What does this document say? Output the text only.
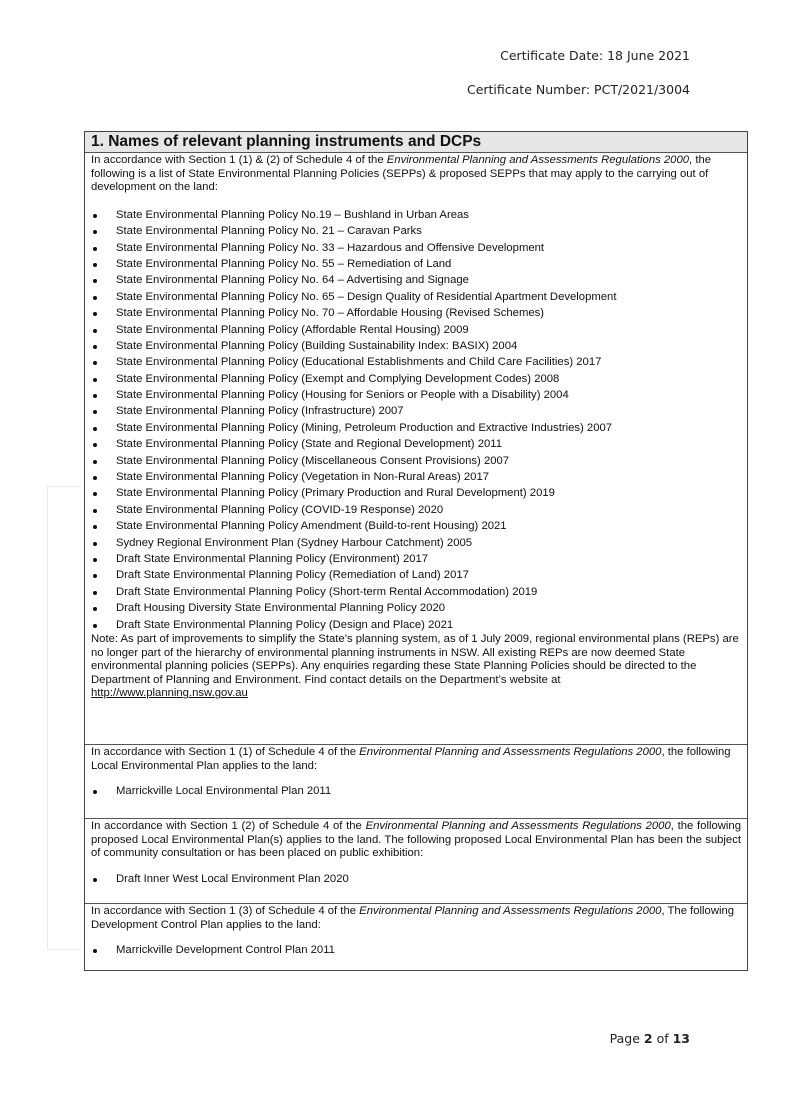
Certificate Date: 18 June 2021
Certificate Number: PCT/2021/3004
1. Names of relevant planning instruments and DCPs

In accordance with Section 1 (1) & (2) of Schedule 4 of the Environmental Planning and Assessments Regulations 2000, the following is a list of State Environmental Planning Policies (SEPPs) & proposed SEPPs that may apply to the carrying out of development on the land:

State Environmental Planning Policy No.19 – Bushland in Urban Areas
State Environmental Planning Policy No. 21 – Caravan Parks
State Environmental Planning Policy No. 33 – Hazardous and Offensive Development
State Environmental Planning Policy No. 55 – Remediation of Land
State Environmental Planning Policy No. 64 – Advertising and Signage
State Environmental Planning Policy No. 65 – Design Quality of Residential Apartment Development
State Environmental Planning Policy No. 70 – Affordable Housing (Revised Schemes)
State Environmental Planning Policy (Affordable Rental Housing) 2009
State Environmental Planning Policy (Building Sustainability Index: BASIX) 2004
State Environmental Planning Policy (Educational Establishments and Child Care Facilities) 2017
State Environmental Planning Policy (Exempt and Complying Development Codes) 2008
State Environmental Planning Policy (Housing for Seniors or People with a Disability) 2004
State Environmental Planning Policy (Infrastructure) 2007
State Environmental Planning Policy (Mining, Petroleum Production and Extractive Industries) 2007
State Environmental Planning Policy (State and Regional Development) 2011
State Environmental Planning Policy (Miscellaneous Consent Provisions) 2007
State Environmental Planning Policy (Vegetation in Non-Rural Areas) 2017
State Environmental Planning Policy (Primary Production and Rural Development) 2019
State Environmental Planning Policy (COVID-19 Response) 2020
State Environmental Planning Policy Amendment (Build-to-rent Housing) 2021
Sydney Regional Environment Plan (Sydney Harbour Catchment) 2005
Draft State Environmental Planning Policy (Environment) 2017
Draft State Environmental Planning Policy (Remediation of Land) 2017
Draft State Environmental Planning Policy (Short-term Rental Accommodation) 2019
Draft Housing Diversity State Environmental Planning Policy 2020
Draft State Environmental Planning Policy (Design and Place) 2021

Note: As part of improvements to simplify the State’s planning system, as of 1 July 2009, regional environmental plans (REPs) are no longer part of the hierarchy of environmental planning instruments in NSW. All existing REPs are now deemed State environmental planning policies (SEPPs). Any enquiries regarding these State Planning Policies should be directed to the Department of Planning and Environment. Find contact details on the Department’s website at
http://www.planning.nsw.gov.au

In accordance with Section 1 (1) of Schedule 4 of the Environmental Planning and Assessments Regulations 2000, the following Local Environmental Plan applies to the land:

Marrickville Local Environmental Plan 2011

In accordance with Section 1 (2) of Schedule 4 of the Environmental Planning and Assessments Regulations 2000, the following proposed Local Environmental Plan(s) applies to the land. The following proposed Local Environmental Plan has been the subject of community consultation or has been placed on public exhibition:

Draft Inner West Local Environment Plan 2020

In accordance with Section 1 (3) of Schedule 4 of the Environmental Planning and Assessments Regulations 2000, The following Development Control Plan applies to the land:

Marrickville Development Control Plan 2011
Page 2 of 13
